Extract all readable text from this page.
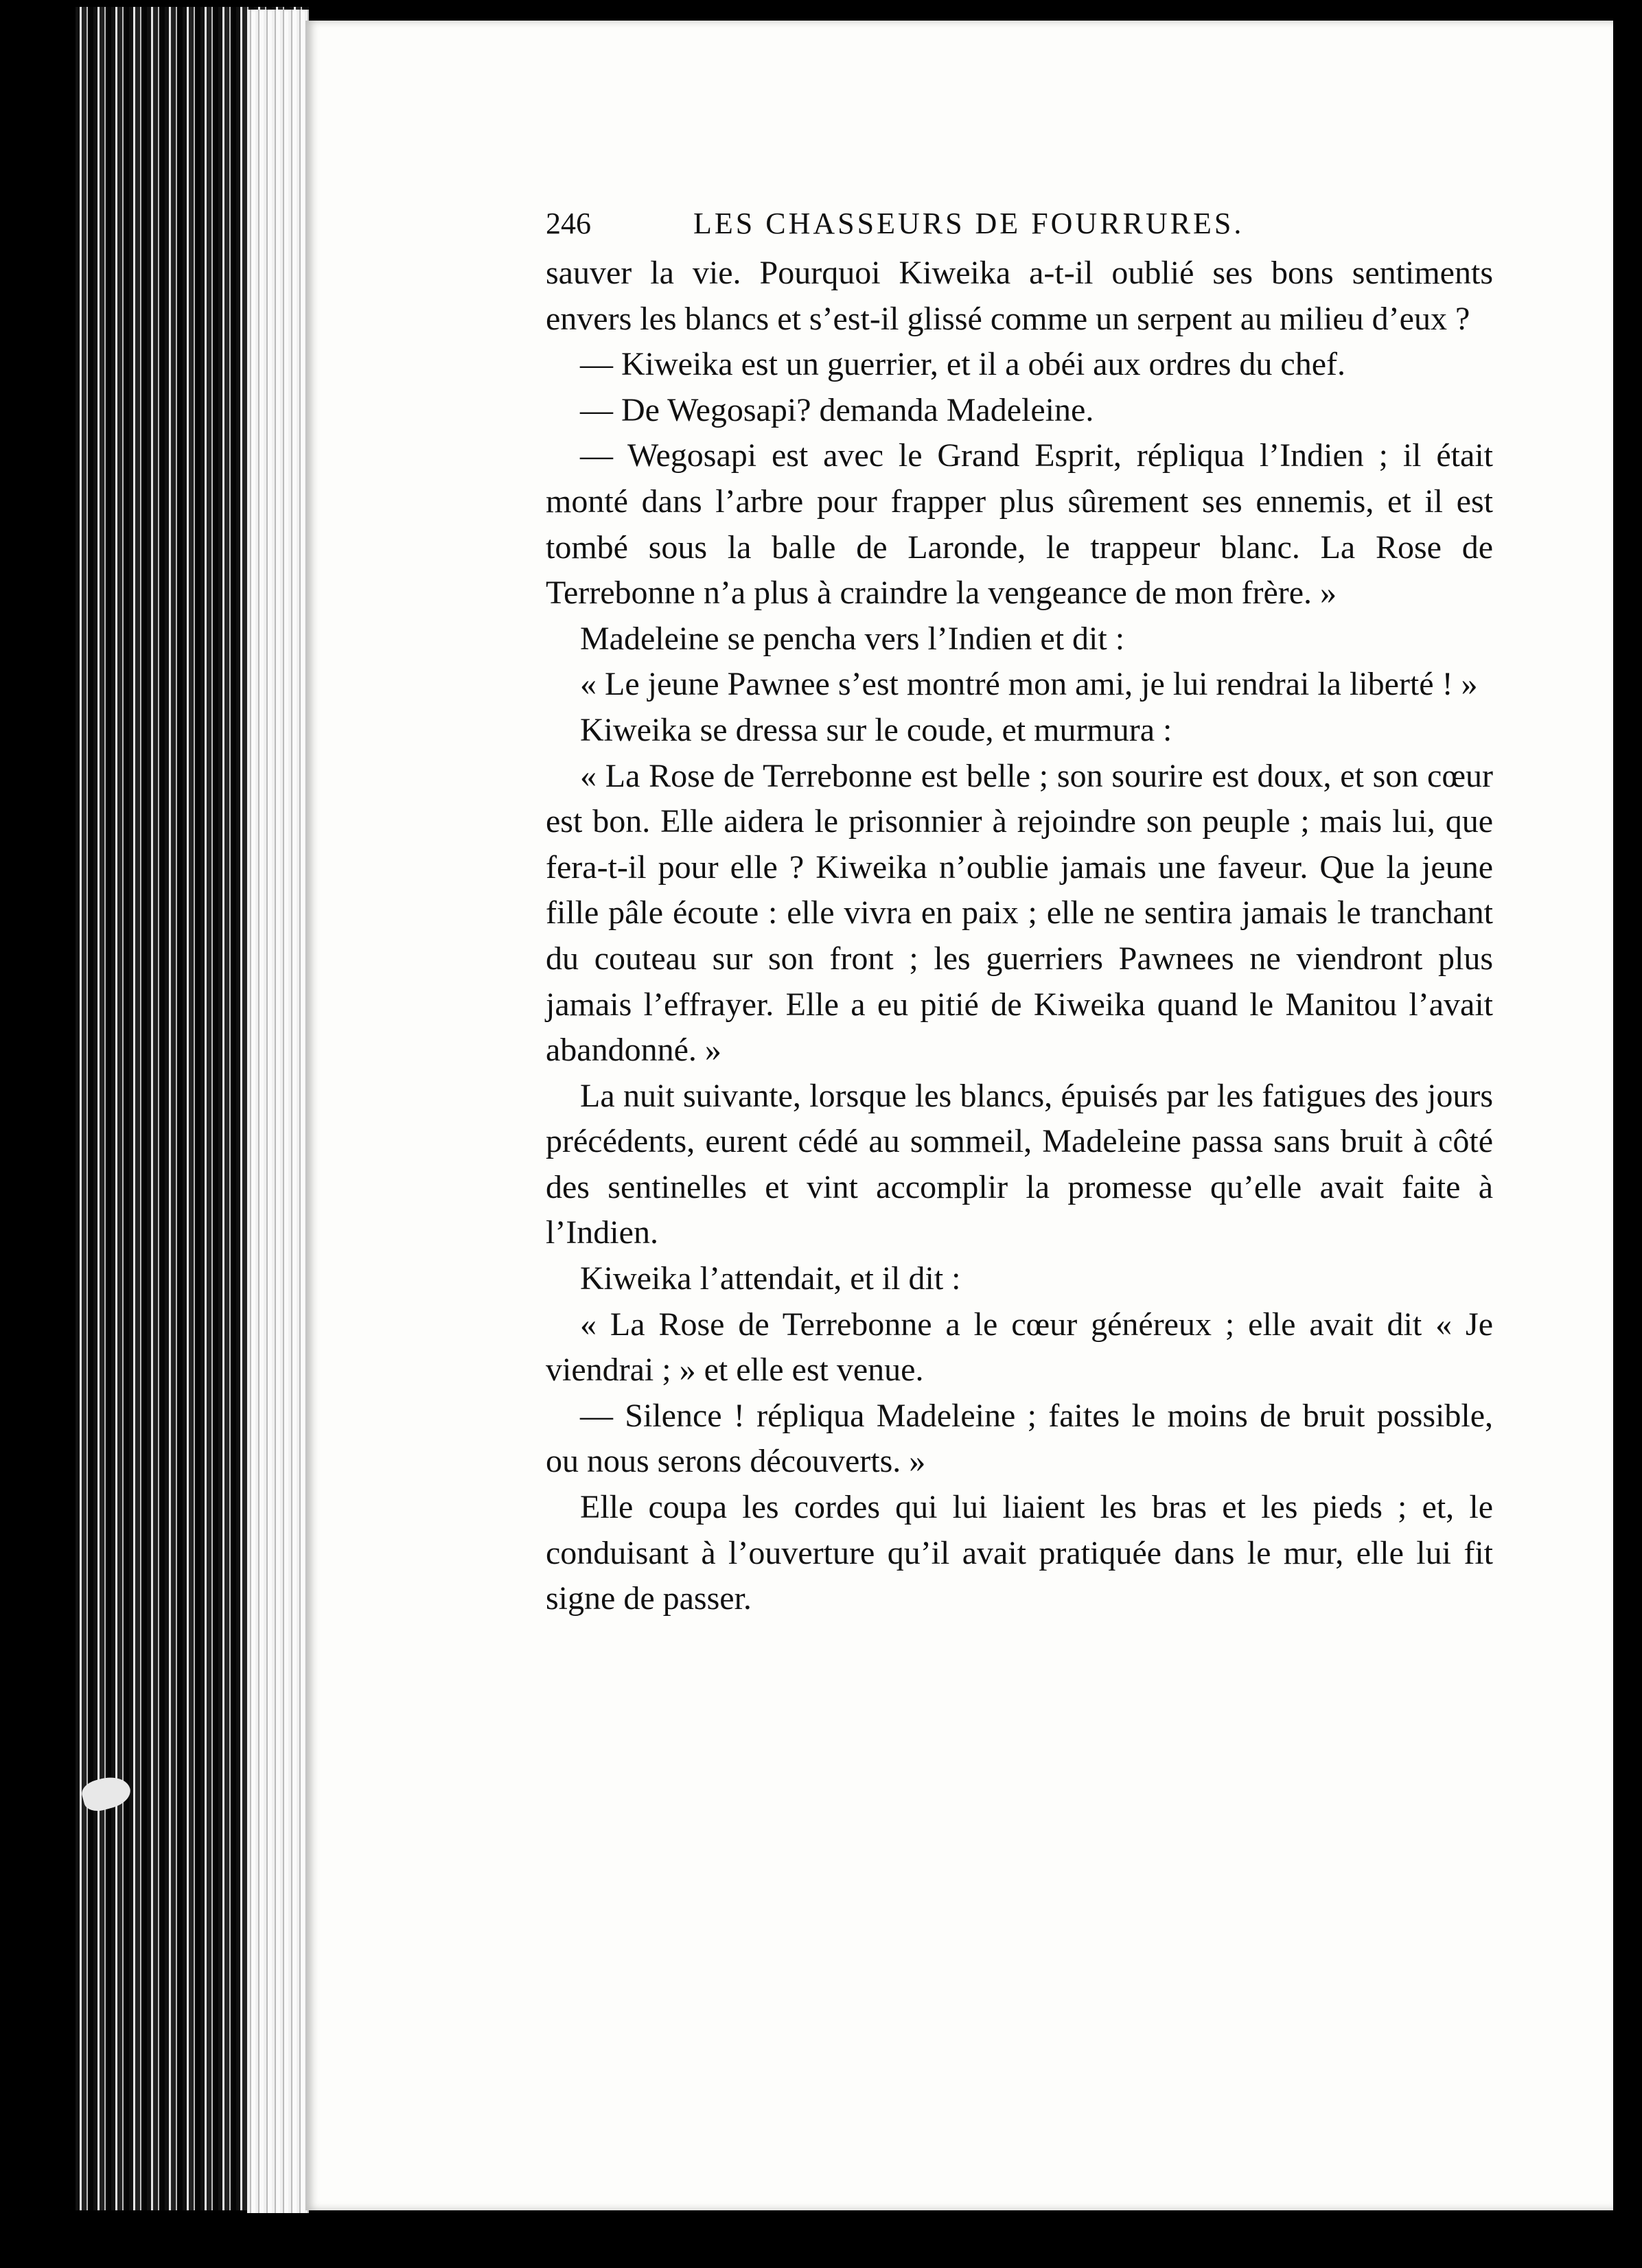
246	LES CHASSEURS DE FOURRURES.

sauver la vie. Pourquoi Kiweika a-t-il oublié ses bons sentiments envers les blancs et s’est-il glissé comme un serpent au milieu d’eux ?

— Kiweika est un guerrier, et il a obéi aux ordres du chef.

— De Wegosapi? demanda Madeleine.

— Wegosapi est avec le Grand Esprit, répliqua l’Indien ; il était monté dans l’arbre pour frapper plus sûrement ses ennemis, et il est tombé sous la balle de Laronde, le trappeur blanc. La Rose de Terrebonne n’a plus à craindre la vengeance de mon frère. »

Madeleine se pencha vers l’Indien et dit :

« Le jeune Pawnee s’est montré mon ami, je lui rendrai la liberté ! »

Kiweika se dressa sur le coude, et murmura :

« La Rose de Terrebonne est belle ; son sourire est doux, et son cœur est bon. Elle aidera le prisonnier à rejoindre son peuple ; mais lui, que fera-t-il pour elle ? Kiweika n’oublie jamais une faveur. Que la jeune fille pâle écoute : elle vivra en paix ; elle ne sentira jamais le tranchant du couteau sur son front ; les guerriers Pawnees ne viendront plus jamais l’effrayer. Elle a eu pitié de Kiweika quand le Manitou l’avait abandonné. »

La nuit suivante, lorsque les blancs, épuisés par les fatigues des jours précédents, eurent cédé au sommeil, Madeleine passa sans bruit à côté des sentinelles et vint accomplir la promesse qu’elle avait faite à l’Indien.

Kiweika l’attendait, et il dit :

« La Rose de Terrebonne a le cœur généreux ; elle avait dit « Je viendrai ; » et elle est venue.

— Silence ! répliqua Madeleine ; faites le moins de bruit possible, ou nous serons découverts. »

Elle coupa les cordes qui lui liaient les bras et les pieds ; et, le conduisant à l’ouverture qu’il avait pratiquée dans le mur, elle lui fit signe de passer.
